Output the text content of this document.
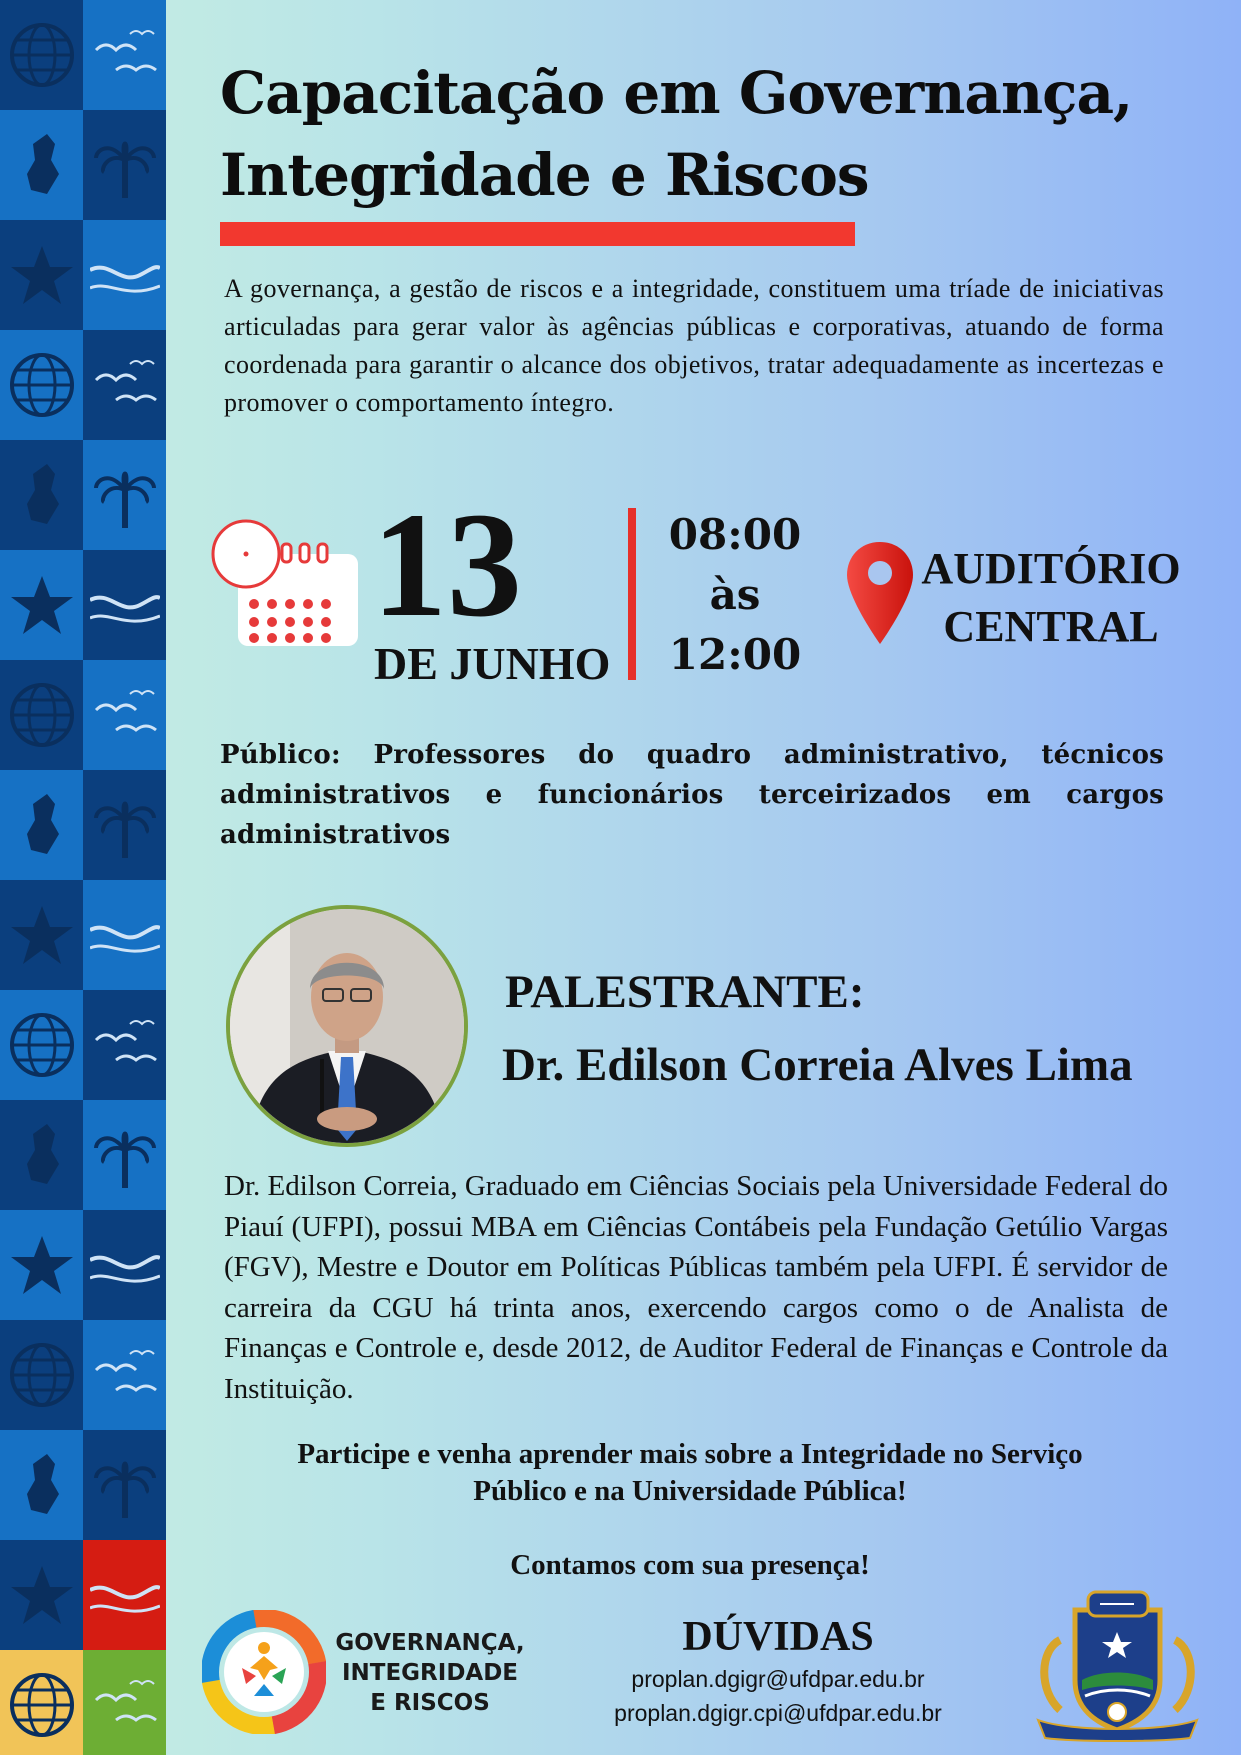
Capacitação em Governança,
Integridade e Riscos

A governança, a gestão de riscos e a integridade, constituem uma tríade de iniciativas articuladas para gerar valor às agências públicas e corporativas, atuando de forma coordenada para garantir o alcance dos objetivos, tratar adequadamente as incertezas e promover o comportamento íntegro.

13
DE JUNHO
08:00
às
12:00
AUDITÓRIO
CENTRAL

Público: Professores do quadro administrativo, técnicos administrativos e funcionários terceirizados em cargos administrativos

PALESTRANTE:
Dr. Edilson Correia Alves Lima

Dr. Edilson Correia, Graduado em Ciências Sociais pela Universidade Federal do Piauí (UFPI), possui MBA em Ciências Contábeis pela Fundação Getúlio Vargas (FGV), Mestre e Doutor em Políticas Públicas também pela UFPI. É servidor de carreira da CGU há trinta anos, exercendo cargos como o de Analista de Finanças e Controle e, desde 2012, de Auditor Federal de Finanças e Controle da Instituição.

Participe e venha aprender mais sobre a Integridade no Serviço
Público e na Universidade Pública!

Contamos com sua presença!

GOVERNANÇA,
INTEGRIDADE
E RISCOS
DÚVIDAS
proplan.dgigr@ufdpar.edu.br
proplan.dgigr.cpi@ufdpar.edu.br
